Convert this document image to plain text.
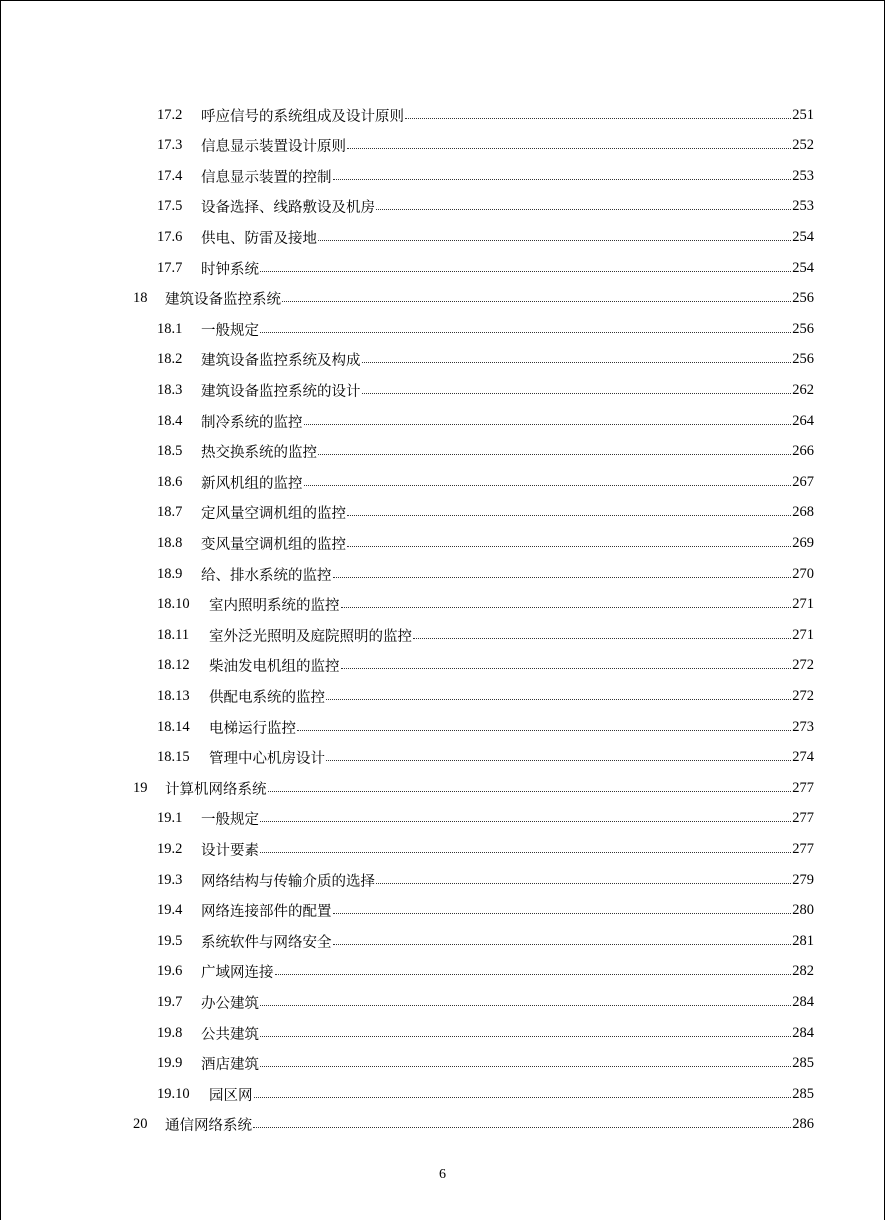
17.2	呼应信号的系统组成及设计原则	251
17.3	信息显示装置设计原则	252
17.4	信息显示装置的控制	253
17.5	设备选择、线路敷设及机房	253
17.6	供电、防雷及接地	254
17.7	时钟系统	254
18	建筑设备监控系统	256
18.1	一般规定	256
18.2	建筑设备监控系统及构成	256
18.3	建筑设备监控系统的设计	262
18.4	制冷系统的监控	264
18.5	热交换系统的监控	266
18.6	新风机组的监控	267
18.7	定风量空调机组的监控	268
18.8	变风量空调机组的监控	269
18.9	给、排水系统的监控	270
18.10	室内照明系统的监控	271
18.11	室外泛光照明及庭院照明的监控	271
18.12	柴油发电机组的监控	272
18.13	供配电系统的监控	272
18.14	电梯运行监控	273
18.15	管理中心机房设计	274
19	计算机网络系统	277
19.1	一般规定	277
19.2	设计要素	277
19.3	网络结构与传输介质的选择	279
19.4	网络连接部件的配置	280
19.5	系统软件与网络安全	281
19.6	广域网连接	282
19.7	办公建筑	284
19.8	公共建筑	284
19.9	酒店建筑	285
19.10	园区网	285
20	通信网络系统	286
6
